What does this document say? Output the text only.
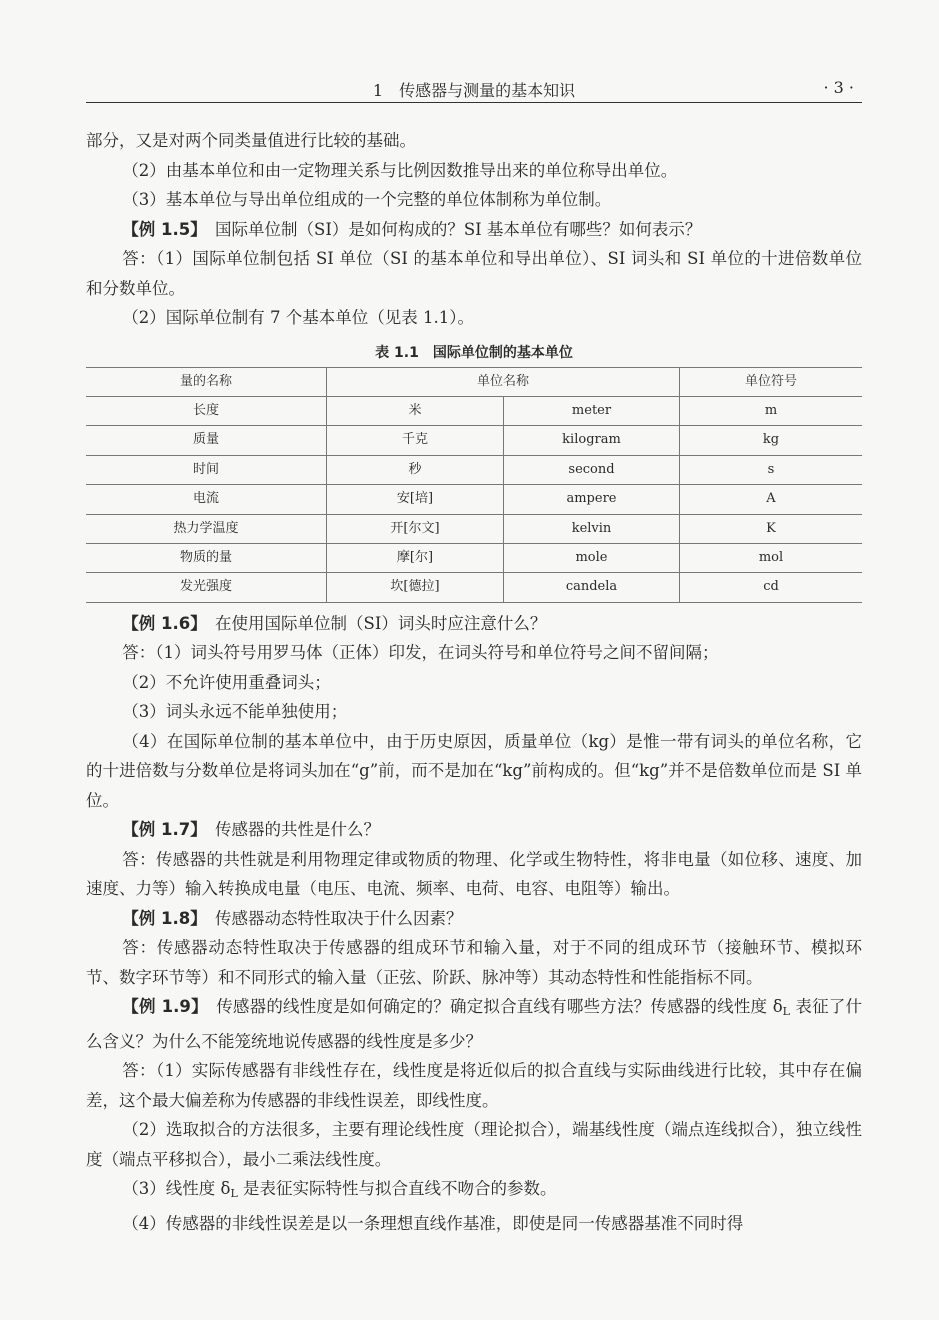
1　传感器与测量的基本知识	· 3 ·

部分，又是对两个同类量值进行比较的基础。

（2）由基本单位和由一定物理关系与比例因数推导出来的单位称导出单位。

（3）基本单位与导出单位组成的一个完整的单位体制称为单位制。

【例 1.5】　 国际单位制（SI）是如何构成的？SI 基本单位有哪些？如何表示？

答：（1）国际单位制包括 SI 单位（SI 的基本单位和导出单位）、SI 词头和 SI 单位的十进倍数单位和分数单位。

（2）国际单位制有 7 个基本单位（见表 1.1）。

表 1.1　国际单位制的基本单位
量的名称	单位名称		单位符号
长度	米	meter	m
质量	千克	kilogram	kg
时间	秒	second	s
电流	安[培]	ampere	A
热力学温度	开[尔文]	kelvin	K
物质的量	摩[尔]	mole	mol
发光强度	坎[德拉]	candela	cd

【例 1.6】　 在使用国际单位制（SI）词头时应注意什么？

答：（1）词头符号用罗马体（正体）印发，在词头符号和单位符号之间不留间隔；

（2）不允许使用重叠词头；

（3）词头永远不能单独使用；

（4）在国际单位制的基本单位中，由于历史原因，质量单位（kg）是惟一带有词头的单位名称，它的十进倍数与分数单位是将词头加在“g”前，而不是加在“kg”前构成的。但“kg”并不是倍数单位而是 SI 单位。

【例 1.7】　 传感器的共性是什么？

答：传感器的共性就是利用物理定律或物质的物理、化学或生物特性，将非电量（如位移、速度、加速度、力等）输入转换成电量（电压、电流、频率、电荷、电容、电阻等）输出。

【例 1.8】　 传感器动态特性取决于什么因素？

答：传感器动态特性取决于传感器的组成环节和输入量，对于不同的组成环节（接触环节、模拟环节、数字环节等）和不同形式的输入量（正弦、阶跃、脉冲等）其动态特性和性能指标不同。

【例 1.9】　 传感器的线性度是如何确定的？确定拟合直线有哪些方法？传感器的线性度 $\delta_L$ 表征了什么含义？为什么不能笼统地说传感器的线性度是多少？

答：（1）实际传感器有非线性存在，线性度是将近似后的拟合直线与实际曲线进行比较，其中存在偏差，这个最大偏差称为传感器的非线性误差，即线性度。

（2）选取拟合的方法很多，主要有理论线性度（理论拟合），端基线性度（端点连线拟合），独立线性度（端点平移拟合），最小二乘法线性度。

（3）线性度 $\delta_L$ 是表征实际特性与拟合直线不吻合的参数。

（4）传感器的非线性误差是以一条理想直线作基准，即使是同一传感器基准不同时得
